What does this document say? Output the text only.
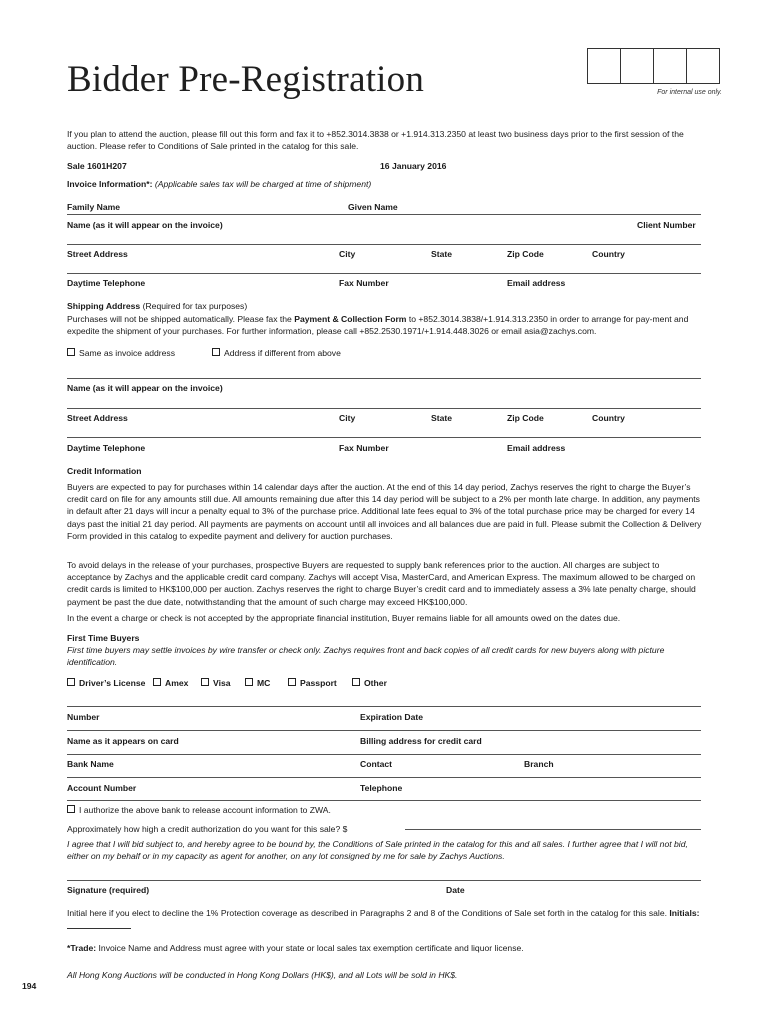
Bidder Pre-Registration	For internal use only.
If you plan to attend the auction, please fill out this form and fax it to +852.3014.3838 or +1.914.313.2350 at least two business days prior to the first session of the auction. Please refer to Conditions of Sale printed in the catalog for this sale.
Sale 1601H207	16 January 2016
Invoice Information*: (Applicable sales tax will be charged at time of shipment)
Family Name	Given Name
Name (as it will appear on the invoice)	Client Number
Street Address	City	State	Zip Code	Country
Daytime Telephone	Fax Number	Email address
Shipping Address (Required for tax purposes)
Purchases will not be shipped automatically. Please fax the Payment & Collection Form to +852.3014.3838/+1.914.313.2350 in order to arrange for pay-ment and expedite the shipment of your purchases. For further information, please call +852.2530.1971/+1.914.448.3026 or email asia@zachys.com.
Same as invoice address	Address if different from above
Name (as it will appear on the invoice)
Street Address	City	State	Zip Code	Country
Daytime Telephone	Fax Number	Email address
Credit Information
Buyers are expected to pay for purchases within 14 calendar days after the auction. At the end of this 14 day period, Zachys reserves the right to charge the Buyer’s credit card on file for any amounts still due. All amounts remaining due after this 14 day period will be subject to a 2% per month late charge. In addition, any payments in default after 21 days will incur a penalty equal to 3% of the purchase price. Additional late fees equal to 3% of the total purchase price may be charged for every 14 days past the initial 21 day period. All payments are payments on account until all invoices and all balances due are paid in full. Please submit the Collection & Delivery Form provided in this catalog to expedite payment and delivery for auction purchases.
To avoid delays in the release of your purchases, prospective Buyers are requested to supply bank references prior to the auction. All charges are subject to acceptance by Zachys and the applicable credit card company. Zachys will accept Visa, MasterCard, and American Express. The maximum allowed to be charged on credit cards is limited to HK$100,000 per auction. Zachys reserves the right to charge Buyer’s credit card and to immediately assess a 3% late penalty charge, should payment be past the due date, notwithstanding that the amount of such charge may exceed HK$100,000.
In the event a charge or check is not accepted by the appropriate financial institution, Buyer remains liable for all amounts owed on the dates due.
First Time Buyers
First time buyers may settle invoices by wire transfer or check only. Zachys requires front and back copies of all credit cards for new buyers along with picture identification.
Driver’s License	Amex	Visa	MC	Passport	Other
Number	Expiration Date
Name as it appears on card	Billing address for credit card
Bank Name	Contact	Branch
Account Number	Telephone
I authorize the above bank to release account information to ZWA.
Approximately how high a credit authorization do you want for this sale? $
I agree that I will bid subject to, and hereby agree to be bound by, the Conditions of Sale printed in the catalog for this and all sales. I further agree that I will not bid, either on my behalf or in my capacity as agent for another, on any lot consigned by me for sale by Zachys Auctions.
Signature (required)	Date
Initial here if you elect to decline the 1% Protection coverage as described in Paragraphs 2 and 8 of the Conditions of Sale set forth in the catalog for this sale. Initials:
*Trade: Invoice Name and Address must agree with your state or local sales tax exemption certificate and liquor license.
All Hong Kong Auctions will be conducted in Hong Kong Dollars (HK$), and all Lots will be sold in HK$.
194
